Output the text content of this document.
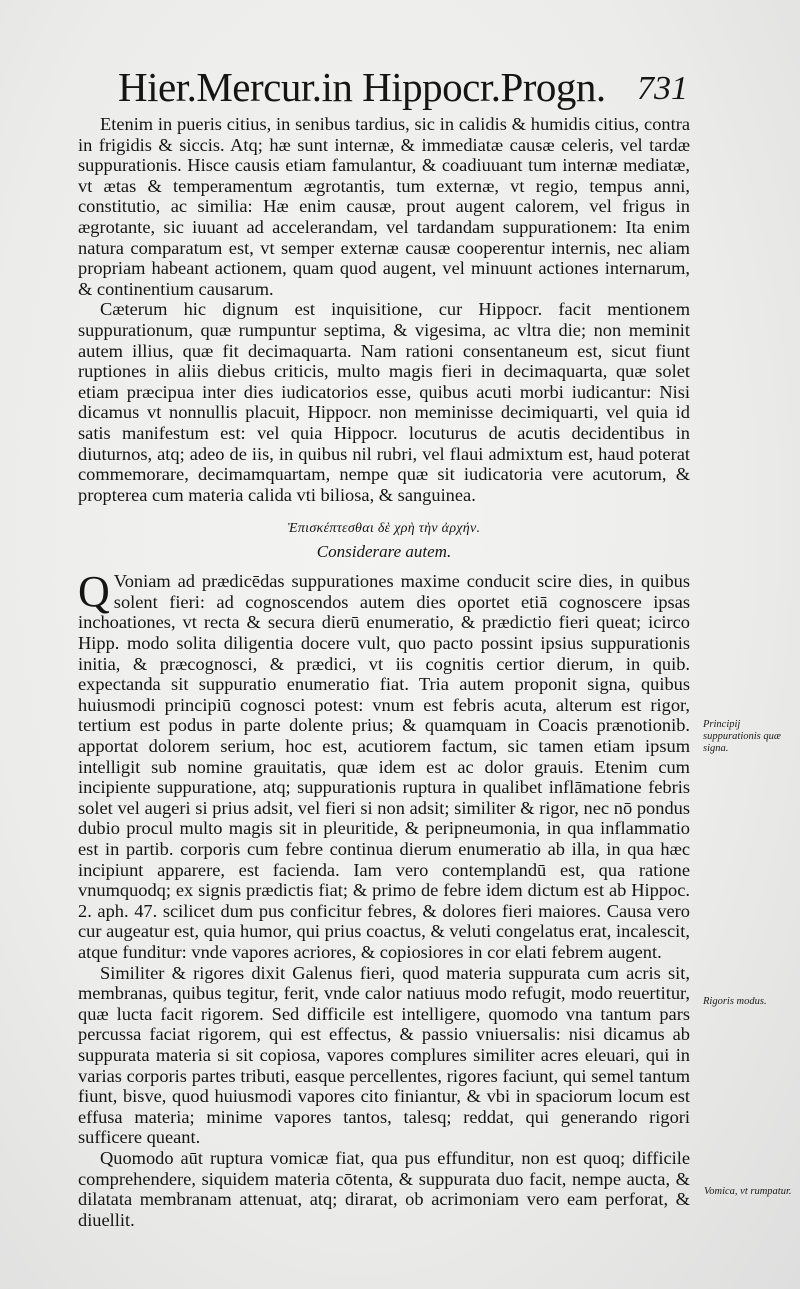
Hier.Mercur.in Hippocr.Progn. 731

Etenim in pueris citius, in senibus tardius, sic in calidis & humidis citius, contra in frigidis & siccis. Atq; hæ sunt internæ, & immediatæ causæ celeris, vel tardæ suppurationis. Hisce causis etiam famulantur, & coadiuuant tum internæ mediatæ, vt ætas & temperamentum ægrotantis, tum externæ, vt regio, tempus anni, constitutio, ac similia: Hæ enim causæ, prout augent calorem, vel frigus in ægrotante, sic iuuant ad accelerandam, vel tardandam suppurationem: Ita enim natura comparatum est, vt semper externæ causæ cooperentur internis, nec aliam propriam habeant actionem, quam quod augent, vel minuunt actiones internarum, & continentium causarum.

Cæterum hic dignum est inquisitione, cur Hippocr. facit mentionem suppurationum, quæ rumpuntur septima, & vigesima, ac vltra die; non meminit autem illius, quæ fit decimaquarta. Nam rationi consentaneum est, sicut fiunt ruptiones in aliis diebus criticis, multo magis fieri in decimaquarta, quæ solet etiam præcipua inter dies iudicatorios esse, quibus acuti morbi iudicantur: Nisi dicamus vt nonnullis placuit, Hippocr. non meminisse decimiquarti, vel quia id satis manifestum est: vel quia Hippocr. locuturus de acutis decidentibus in diuturnos, atq; adeo de iis, in quibus nil rubri, vel flaui admixtum est, haud poterat commemorare, decimamquartam, nempe quæ sit iudicatoria vere acutorum, & propterea cum materia calida vti biliosa, & sanguinea.

Ἐπισκέπτεσθαι δὲ χρὴ τὴν ἀρχήν.
Considerare autem.

Q Voniam ad prædicēdas suppurationes maxime conducit scire dies, in quibus solent fieri: ad cognoscendos autem dies oportet etiā cognoscere ipsas inchoationes, vt recta & secura dierū enumeratio, & prædictio fieri queat; icirco Hipp. modo solita diligentia docere vult, quo pacto possint ipsius suppurationis initia, & præcognosci, & prædici, vt iis cognitis certior dierum, in quib. expectanda sit suppuratio enumeratio fiat. Tria autem proponit signa, quibus huiusmodi principiū cognosci potest: vnum est febris acuta, alterum est rigor, tertium est podus in parte dolente prius; & quamquam in Coacis prænotionib. apportat dolorem serium, hoc est, acutiorem factum, sic tamen etiam ipsum intelligit sub nomine grauitatis, quæ idem est ac dolor grauis. Etenim cum incipiente suppuratione, atq; suppurationis ruptura in qualibet inflāmatione febris solet vel augeri si prius adsit, vel fieri si non adsit; similiter & rigor, nec nō pondus dubio procul multo magis sit in pleuritide, & peripneumonia, in qua inflammatio est in partib. corporis cum febre continua dierum enumeratio ab illa, in qua hæc incipiunt apparere, est facienda. Iam vero contemplandū est, qua ratione vnumquodq; ex signis prædictis fiat; & primo de febre idem dictum est ab Hippoc. 2. aph. 47. scilicet dum pus conficitur febres, & dolores fieri maiores. Causa vero cur augeatur est, quia humor, qui prius coactus, & veluti congelatus erat, incalescit, atque funditur: vnde vapores acriores, & copiosiores in cor elati febrem augent.

Similiter & rigores dixit Galenus fieri, quod materia suppurata cum acris sit, membranas, quibus tegitur, ferit, vnde calor natiuus modo refugit, modo reuertitur, quæ lucta facit rigorem. Sed difficile est intelligere, quomodo vna tantum pars percussa faciat rigorem, qui est effectus, & passio vniuersalis: nisi dicamus ab suppurata materia si sit copiosa, vapores complures similiter acres eleuari, qui in varias corporis partes tributi, easque percellentes, rigores faciunt, qui semel tantum fiunt, bisve, quod huiusmodi vapores cito finiantur, & vbi in spaciorum locum est effusa materia; minime vapores tantos, talesq; reddat, qui generando rigori sufficere queant.

Quomodo aūt ruptura vomicæ fiat, qua pus effunditur, non est quoq; difficile comprehendere, siquidem materia cōtenta, & suppurata duo facit, nempe aucta, & dilatata membranam attenuat, atq; dirarat, ob acrimoniam vero eam perforat, & diuellit.

Principij suppurationis quæ signa.
Rigoris modus.
Vomica, vt rumpatur.
